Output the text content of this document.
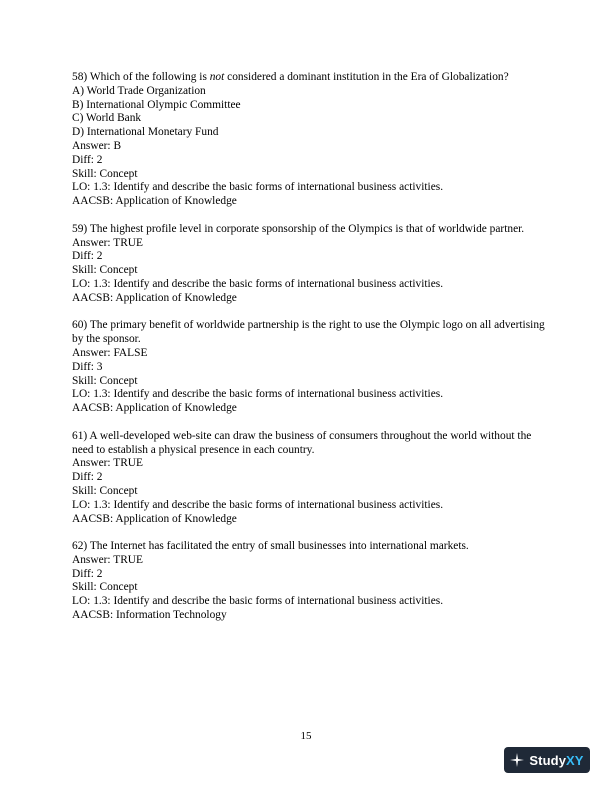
58) Which of the following is not considered a dominant institution in the Era of Globalization?
A) World Trade Organization
B) International Olympic Committee
C) World Bank
D) International Monetary Fund
Answer: B
Diff: 2
Skill: Concept
LO: 1.3: Identify and describe the basic forms of international business activities.
AACSB: Application of Knowledge
59) The highest profile level in corporate sponsorship of the Olympics is that of worldwide partner.
Answer: TRUE
Diff: 2
Skill: Concept
LO: 1.3: Identify and describe the basic forms of international business activities.
AACSB: Application of Knowledge
60) The primary benefit of worldwide partnership is the right to use the Olympic logo on all advertising by the sponsor.
Answer: FALSE
Diff: 3
Skill: Concept
LO: 1.3: Identify and describe the basic forms of international business activities.
AACSB: Application of Knowledge
61) A well-developed web-site can draw the business of consumers throughout the world without the need to establish a physical presence in each country.
Answer: TRUE
Diff: 2
Skill: Concept
LO: 1.3: Identify and describe the basic forms of international business activities.
AACSB: Application of Knowledge
62) The Internet has facilitated the entry of small businesses into international markets.
Answer: TRUE
Diff: 2
Skill: Concept
LO: 1.3: Identify and describe the basic forms of international business activities.
AACSB: Information Technology
15
StudyXY
